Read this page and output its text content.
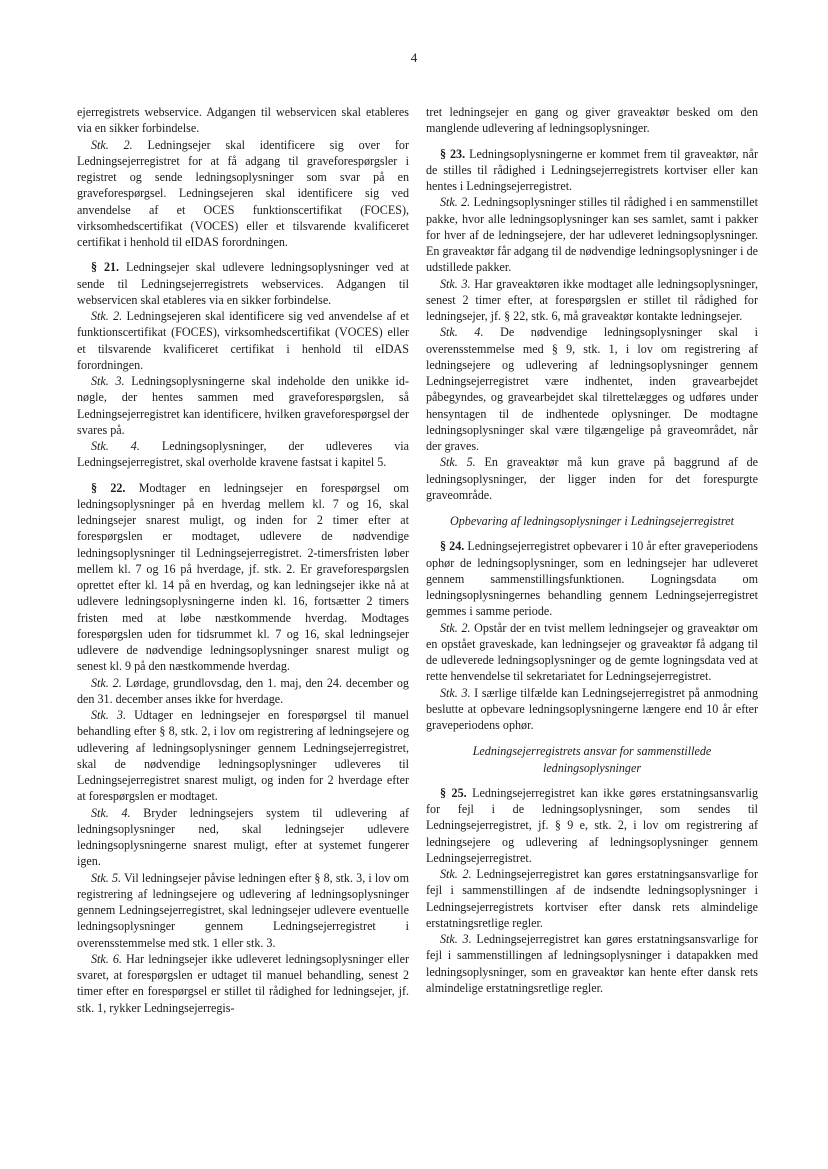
4

ejerregistrets webservice. Adgangen til webservicen skal etableres via en sikker forbindelse.

Stk. 2. Ledningsejer skal identificere sig over for Ledningsejerregistret for at få adgang til graveforespørgsler i registret og sende ledningsoplysninger som svar på en graveforespørgsel. Ledningsejeren skal identificere sig ved anvendelse af et OCES funktionscertifikat (FOCES), virksomhedscertifikat (VOCES) eller et tilsvarende kvalificeret certifikat i henhold til eIDAS forordningen.

§ 21. Ledningsejer skal udlevere ledningsoplysninger ved at sende til Ledningsejerregistrets webservices. Adgangen til webservicen skal etableres via en sikker forbindelse.

Stk. 2. Ledningsejeren skal identificere sig ved anvendelse af et funktionscertifikat (FOCES), virksomhedscertifikat (VOCES) eller et tilsvarende kvalificeret certifikat i henhold til eIDAS forordningen.

Stk. 3. Ledningsoplysningerne skal indeholde den unikke id-nøgle, der hentes sammen med graveforespørgslen, så Ledningsejerregistret kan identificere, hvilken graveforespørgsel der svares på.

Stk. 4. Ledningsoplysninger, der udleveres via Ledningsejerregistret, skal overholde kravene fastsat i kapitel 5.

§ 22. Modtager en ledningsejer en forespørgsel om ledningsoplysninger på en hverdag mellem kl. 7 og 16, skal ledningsejer snarest muligt, og inden for 2 timer efter at forespørgslen er modtaget, udlevere de nødvendige ledningsoplysninger til Ledningsejerregistret. 2-timersfristen løber mellem kl. 7 og 16 på hverdage, jf. stk. 2. Er graveforespørgslen oprettet efter kl. 14 på en hverdag, og kan ledningsejer ikke nå at udlevere ledningsoplysningerne inden kl. 16, fortsætter 2 timers fristen med at løbe næstkommende hverdag. Modtages forespørgslen uden for tidsrummet kl. 7 og 16, skal ledningsejer udlevere de nødvendige ledningsoplysninger snarest muligt og senest kl. 9 på den næstkommende hverdag.

Stk. 2. Lørdage, grundlovsdag, den 1. maj, den 24. december og den 31. december anses ikke for hverdage.

Stk. 3. Udtager en ledningsejer en forespørgsel til manuel behandling efter § 8, stk. 2, i lov om registrering af ledningsejere og udlevering af ledningsoplysninger gennem Ledningsejerregistret, skal de nødvendige ledningsoplysninger udleveres til Ledningsejerregistret snarest muligt, og inden for 2 hverdage efter at forespørgslen er modtaget.

Stk. 4. Bryder ledningsejers system til udlevering af ledningsoplysninger ned, skal ledningsejer udlevere ledningsoplysningerne snarest muligt, efter at systemet fungerer igen.

Stk. 5. Vil ledningsejer påvise ledningen efter § 8, stk. 3, i lov om registrering af ledningsejere og udlevering af ledningsoplysninger gennem Ledningsejerregistret, skal ledningsejer udlevere eventuelle ledningsoplysninger gennem Ledningsejerregistret i overensstemmelse med stk. 1 eller stk. 3.

Stk. 6. Har ledningsejer ikke udleveret ledningsoplysninger eller svaret, at forespørgslen er udtaget til manuel behandling, senest 2 timer efter en forespørgsel er stillet til rådighed for ledningsejer, jf. stk. 1, rykker Ledningsejerregis-

tret ledningsejer en gang og giver graveaktør besked om den manglende udlevering af ledningsoplysninger.

§ 23. Ledningsoplysningerne er kommet frem til graveaktør, når de stilles til rådighed i Ledningsejerregistrets kortviser eller kan hentes i Ledningsejerregistret.

Stk. 2. Ledningsoplysninger stilles til rådighed i en sammenstillet pakke, hvor alle ledningsoplysninger kan ses samlet, samt i pakker for hver af de ledningsejere, der har udleveret ledningsoplysninger. En graveaktør får adgang til de nødvendige ledningsoplysninger i de udstillede pakker.

Stk. 3. Har graveaktøren ikke modtaget alle ledningsoplysninger, senest 2 timer efter, at forespørgslen er stillet til rådighed for ledningsejer, jf. § 22, stk. 6, må graveaktør kontakte ledningsejer.

Stk. 4. De nødvendige ledningsoplysninger skal i overensstemmelse med § 9, stk. 1, i lov om registrering af ledningsejere og udlevering af ledningsoplysninger gennem Ledningsejerregistret være indhentet, inden gravearbejdet påbegyndes, og gravearbejdet skal tilrettelægges og udføres under hensyntagen til de indhentede oplysninger. De modtagne ledningsoplysninger skal være tilgængelige på graveområdet, når der graves.

Stk. 5. En graveaktør må kun grave på baggrund af de ledningsoplysninger, der ligger inden for det forespurgte graveområde.

Opbevaring af ledningsoplysninger i Ledningsejerregistret

§ 24. Ledningsejerregistret opbevarer i 10 år efter graveperiodens ophør de ledningsoplysninger, som en ledningsejer har udleveret gennem sammenstillingsfunktionen. Logningsdata om ledningsoplysningernes behandling gennem Ledningsejerregistret gemmes i samme periode.

Stk. 2. Opstår der en tvist mellem ledningsejer og graveaktør om en opstået graveskade, kan ledningsejer og graveaktør få adgang til de udleverede ledningsoplysninger og de gemte logningsdata ved at rette henvendelse til sekretariatet for Ledningsejerregistret.

Stk. 3. I særlige tilfælde kan Ledningsejerregistret på anmodning beslutte at opbevare ledningsoplysningerne længere end 10 år efter graveperiodens ophør.

Ledningsejerregistrets ansvar for sammenstillede ledningsoplysninger

§ 25. Ledningsejerregistret kan ikke gøres erstatningsansvarlig for fejl i de ledningsoplysninger, som sendes til Ledningsejerregistret, jf. § 9 e, stk. 2, i lov om registrering af ledningsejere og udlevering af ledningsoplysninger gennem Ledningsejerregistret.

Stk. 2. Ledningsejerregistret kan gøres erstatningsansvarlige for fejl i sammenstillingen af de indsendte ledningsoplysninger i Ledningsejerregistrets kortviser efter dansk rets almindelige erstatningsretlige regler.

Stk. 3. Ledningsejerregistret kan gøres erstatningsansvarlige for fejl i sammenstillingen af ledningsoplysninger i datapakken med ledningsoplysninger, som en graveaktør kan hente efter dansk rets almindelige erstatningsretlige regler.
